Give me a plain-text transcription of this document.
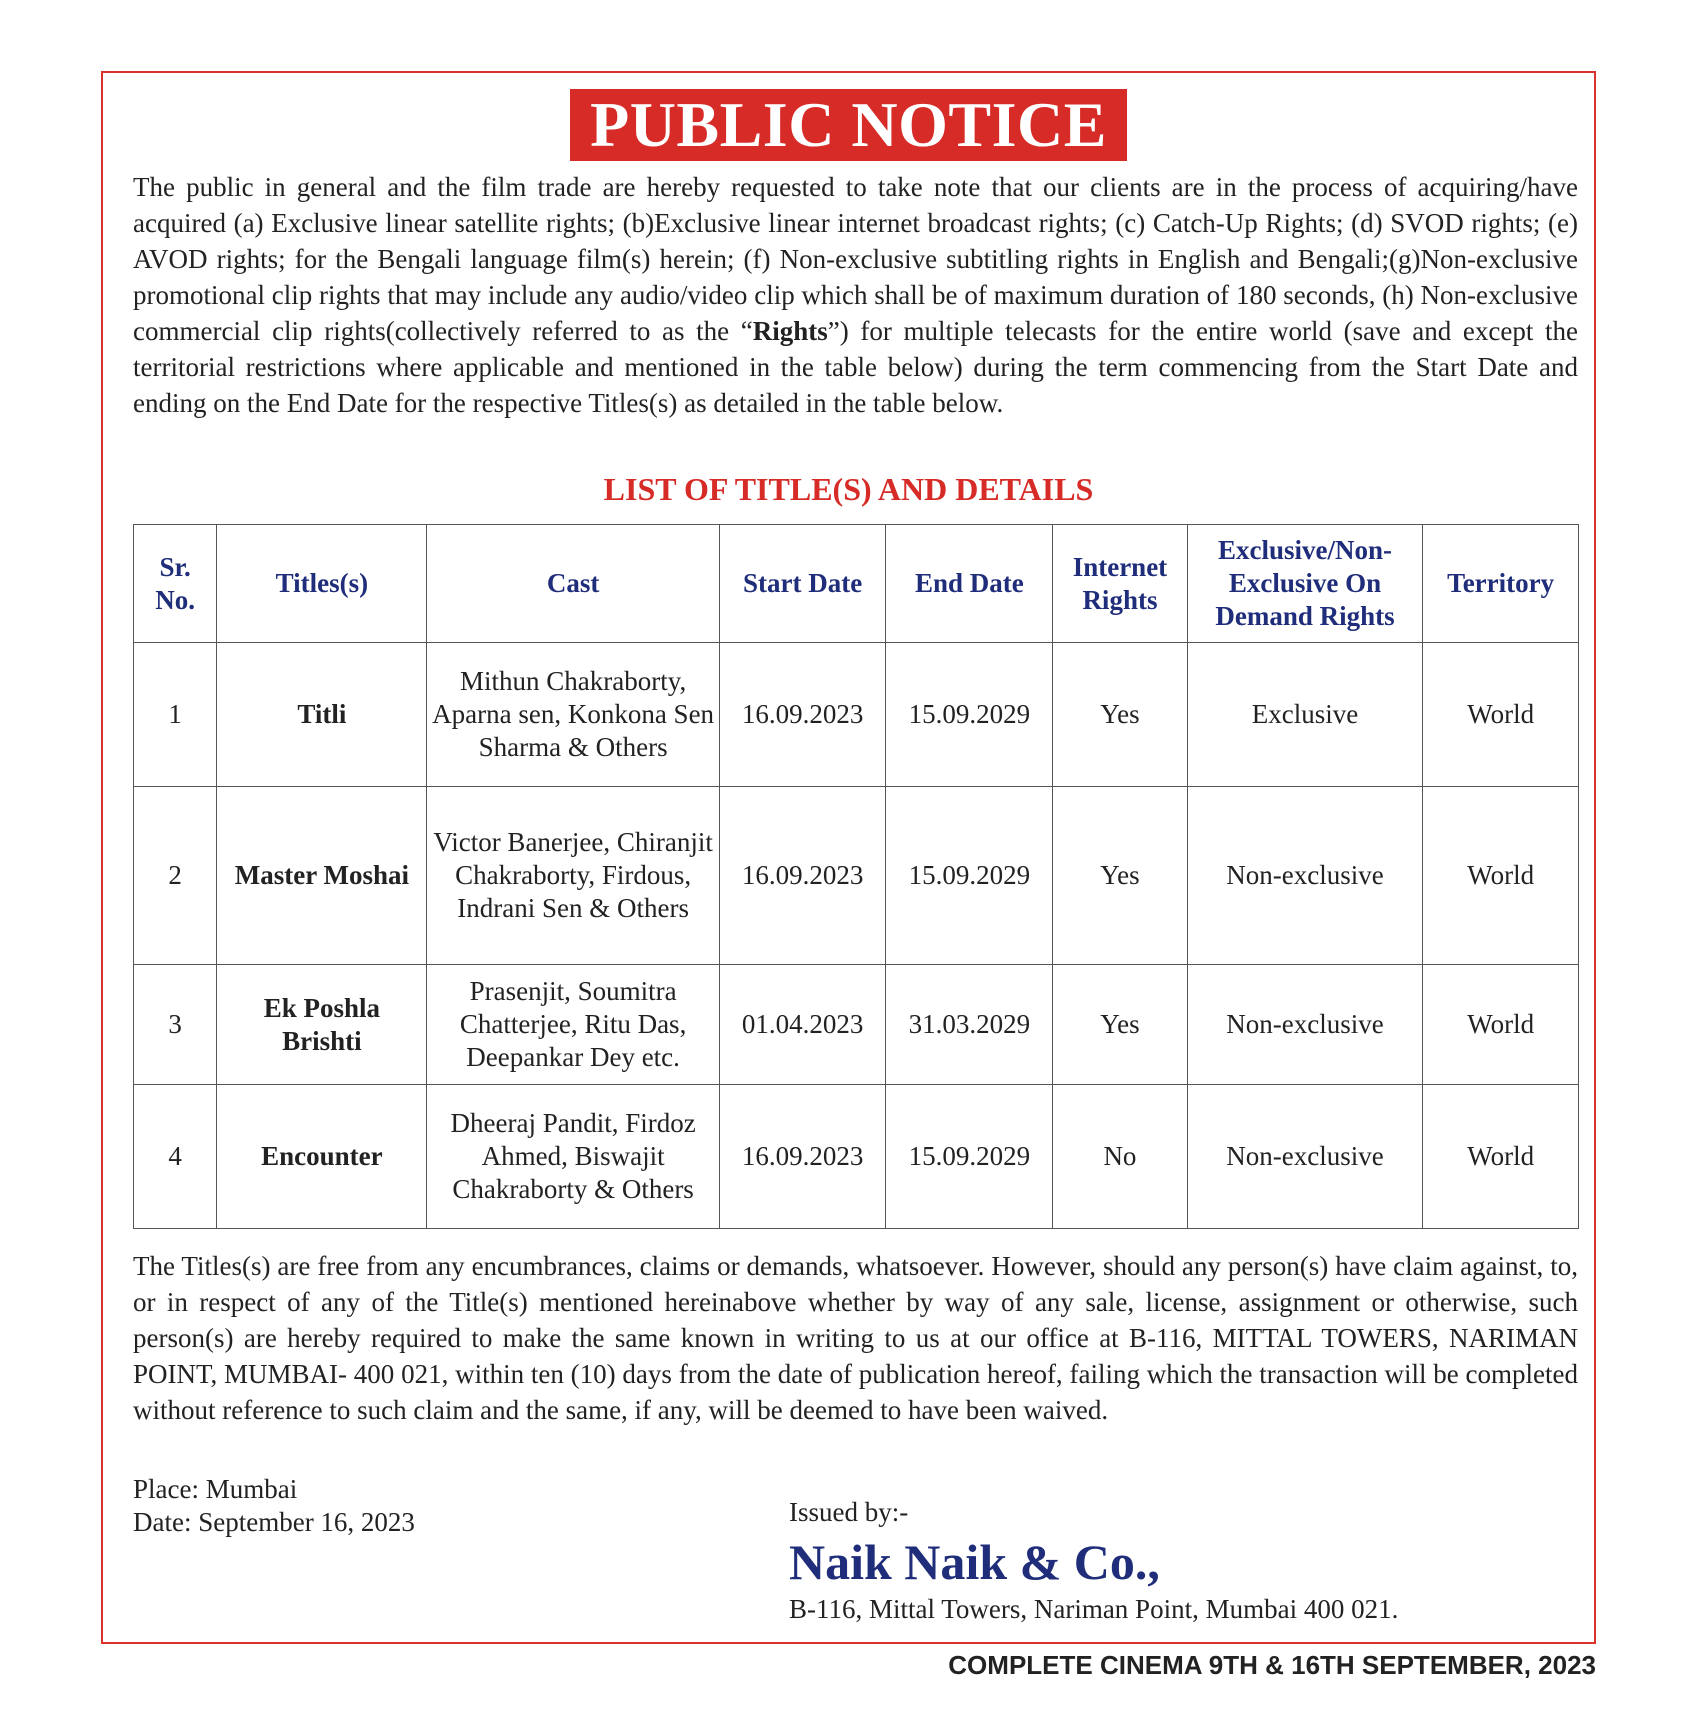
PUBLIC NOTICE
The public in general and the film trade are hereby requested to take note that our clients are in the process of acquiring/have acquired (a) Exclusive linear satellite rights; (b)Exclusive linear internet broadcast rights; (c) Catch-Up Rights; (d) SVOD rights; (e) AVOD rights; for the Bengali language film(s) herein; (f) Non-exclusive subtitling rights in English and Bengali;(g)Non-exclusive promotional clip rights that may include any audio/video clip which shall be of maximum duration of 180 seconds, (h) Non-exclusive commercial clip rights(collectively referred to as the “Rights”) for multiple telecasts for the entire world (save and except the territorial restrictions where applicable and mentioned in the table below) during the term commencing from the Start Date and ending on the End Date for the respective Titles(s) as detailed in the table below.
LIST OF TITLE(S) AND DETAILS
Sr. No.	Titles(s)	Cast	Start Date	End Date	Internet Rights	Exclusive/Non-Exclusive On Demand Rights	Territory
1	Titli	Mithun Chakraborty, Aparna sen, Konkona Sen Sharma & Others	16.09.2023	15.09.2029	Yes	Exclusive	World
2	Master Moshai	Victor Banerjee, Chiranjit Chakraborty, Firdous, Indrani Sen & Others	16.09.2023	15.09.2029	Yes	Non-exclusive	World
3	Ek Poshla Brishti	Prasenjit, Soumitra Chatterjee, Ritu Das, Deepankar Dey etc.	01.04.2023	31.03.2029	Yes	Non-exclusive	World
4	Encounter	Dheeraj Pandit, Firdoz Ahmed, Biswajit Chakraborty & Others	16.09.2023	15.09.2029	No	Non-exclusive	World
The Titles(s) are free from any encumbrances, claims or demands, whatsoever. However, should any person(s) have claim against, to, or in respect of any of the Title(s) mentioned hereinabove whether by way of any sale, license, assignment or otherwise, such person(s) are hereby required to make the same known in writing to us at our office at B-116, MITTAL TOWERS, NARIMAN POINT, MUMBAI- 400 021, within ten (10) days from the date of publication hereof, failing which the transaction will be completed without reference to such claim and the same, if any, will be deemed to have been waived.
Place: Mumbai
Date: September 16, 2023	Issued by:-
Naik Naik & Co.,
B-116, Mittal Towers, Nariman Point, Mumbai 400 021.
COMPLETE CINEMA 9TH & 16TH SEPTEMBER, 2023
